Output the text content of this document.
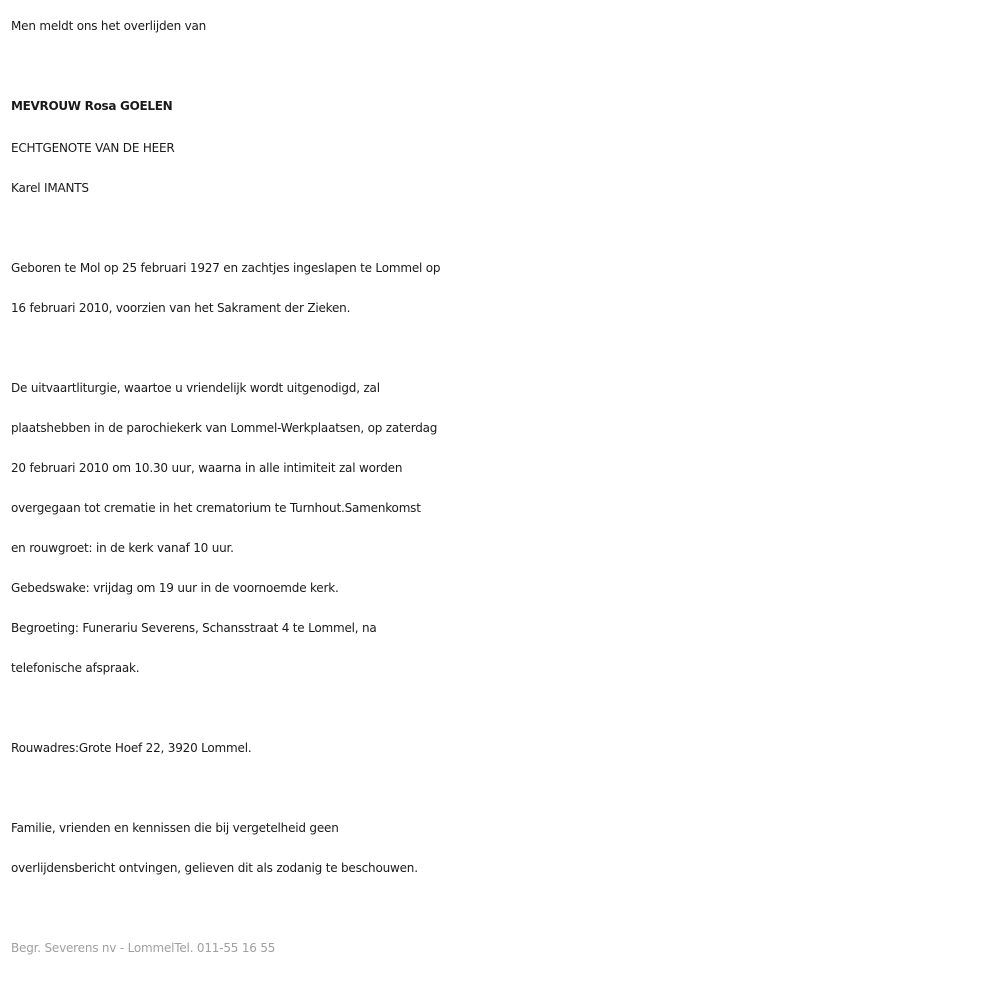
Men meldt ons het overlijden van
MEVROUW Rosa GOELEN
ECHTGENOTE VAN DE HEER
Karel IMANTS
Geboren te Mol op 25 februari 1927 en zachtjes ingeslapen te Lommel op
16 februari 2010, voorzien van het Sakrament der Zieken.
De uitvaartliturgie, waartoe u vriendelijk wordt uitgenodigd, zal
plaatshebben in de parochiekerk van Lommel-Werkplaatsen, op zaterdag
20 februari 2010 om 10.30 uur, waarna in alle intimiteit zal worden
overgegaan tot crematie in het crematorium te Turnhout.Samenkomst
en rouwgroet: in de kerk vanaf 10 uur.
Gebedswake: vrijdag om 19 uur in de voornoemde kerk.
Begroeting: Funerariu Severens, Schansstraat 4 te Lommel, na
telefonische afspraak.
Rouwadres:Grote Hoef 22, 3920 Lommel.
Familie, vrienden en kennissen die bij vergetelheid geen
overlijdensbericht ontvingen, gelieven dit als zodanig te beschouwen.
Begr. Severens nv - LommelTel. 011-55 16 55
